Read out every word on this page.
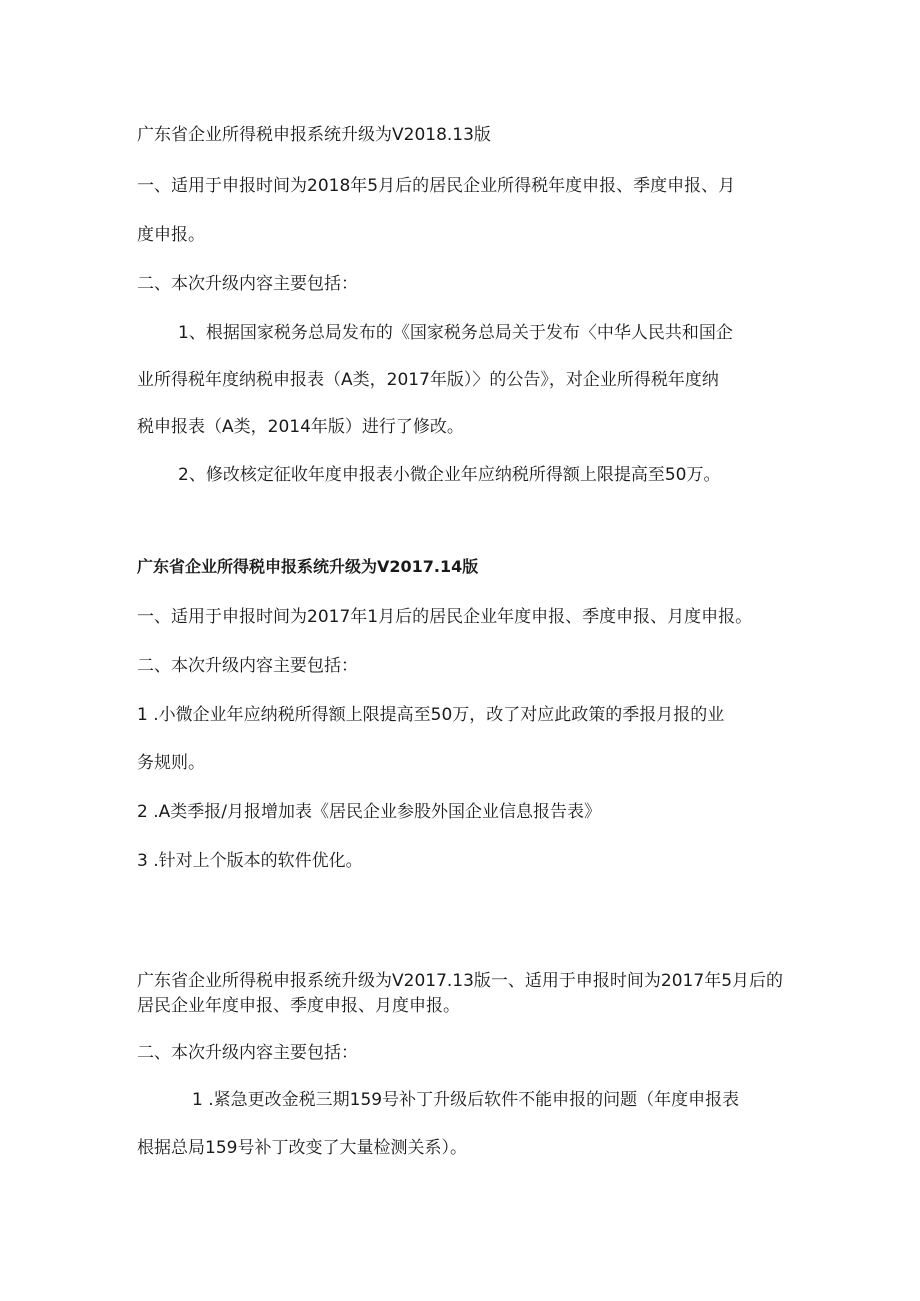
广东省企业所得税申报系统升级为V2018.13版
一、适用于申报时间为2018年5月后的居民企业所得税年度申报、季度申报、月
度申报。
二、本次升级内容主要包括：
1、根据国家税务总局发布的《国家税务总局关于发布〈中华人民共和国企
业所得税年度纳税申报表（A类，2017年版）〉的公告》，对企业所得税年度纳
税申报表（A类，2014年版）进行了修改。
2、修改核定征收年度申报表小微企业年应纳税所得额上限提高至50万。
广东省企业所得税申报系统升级为V2017.14版
一、适用于申报时间为2017年1月后的居民企业年度申报、季度申报、月度申报。
二、本次升级内容主要包括：
1 .小微企业年应纳税所得额上限提高至50万，改了对应此政策的季报月报的业
务规则。
2 .A类季报/月报增加表《居民企业参股外国企业信息报告表》
3 .针对上个版本的软件优化。
广东省企业所得税申报系统升级为V2017.13版一、适用于申报时间为2017年5月后的
居民企业年度申报、季度申报、月度申报。
二、本次升级内容主要包括：
1 .紧急更改金税三期159号补丁升级后软件不能申报的问题（年度申报表
根据总局159号补丁改变了大量检测关系）。
